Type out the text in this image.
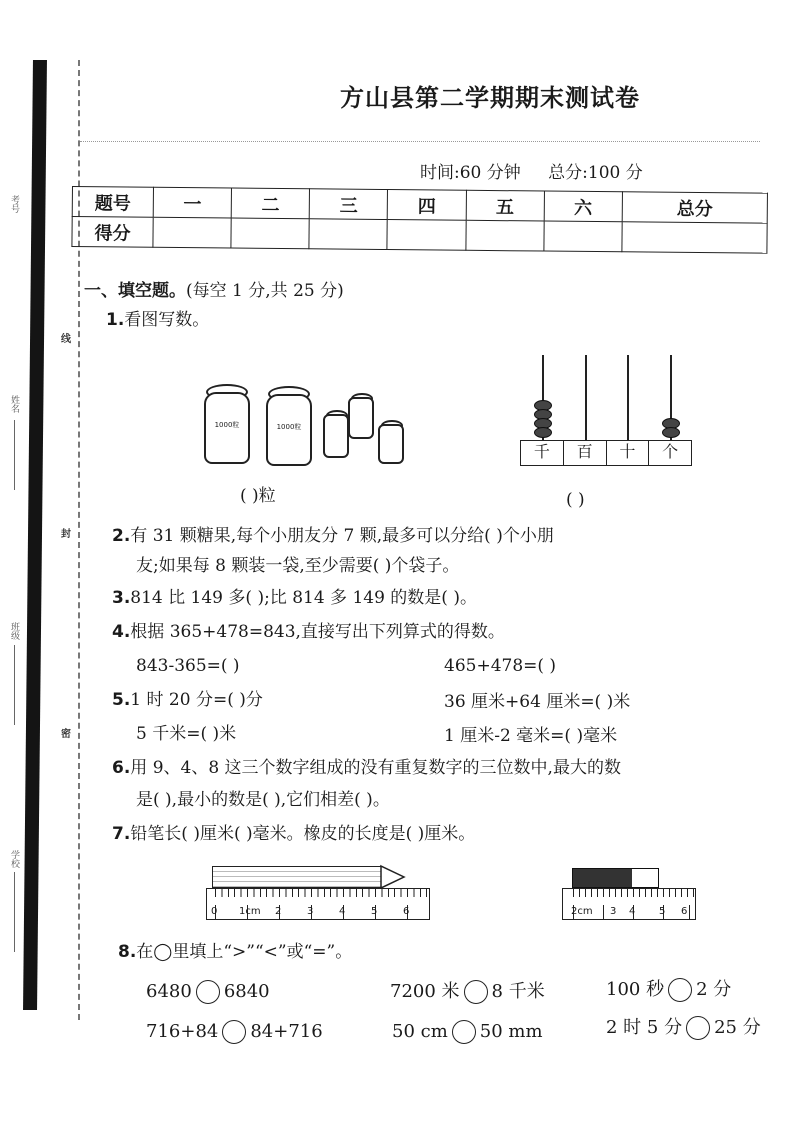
考号
姓名
班级
学校
线
封
密
方山县第二学期期末测试卷
时间:60 分钟 总分:100 分
题号	一	二	三	四	五	六	总分
得分							
一、填空题。(每空 1 分,共 25 分)
1.看图写数。
1000粒	1000粒
千	百	十	个
( )粒	( )
2.有 31 颗糖果,每个小朋友分 7 颗,最多可以分给( )个小朋
友;如果每 8 颗装一袋,至少需要( )个袋子。
3.814 比 149 多( );比 814 多 149 的数是( )。
4.根据 365+478=843,直接写出下列算式的得数。
843-365=( )	465+478=( )
5.1 时 20 分=( )分	36 厘米+64 厘米=( )米
5 千米=( )米	1 厘米-2 毫米=( )毫米
6.用 9、4、8 这三个数字组成的没有重复数字的三位数中,最大的数
是( ),最小的数是( ),它们相差( )。
7.铅笔长( )厘米( )毫米。橡皮的长度是( )厘米。
0 1cm 2	3	4	5	6	2cm 3 4 5 6
8.在◯里填上“>”“<”或“=”。
6480 6840	7200 米 8 千米	100 秒 2 分
716+84 84+716	50 cm 50 mm	2 时 5 分 25 分
